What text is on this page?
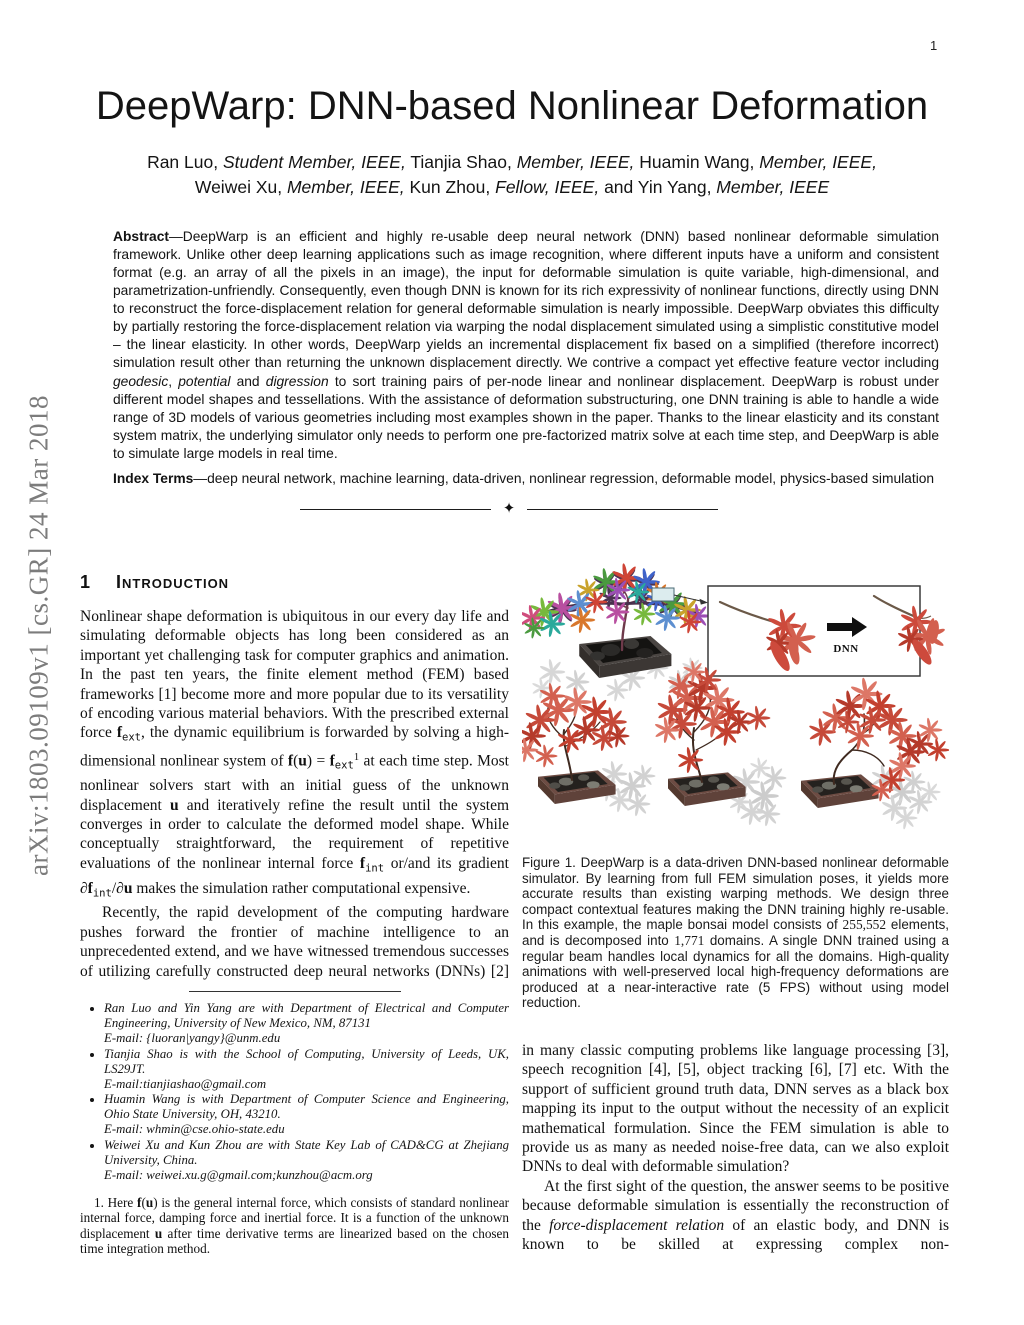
arXiv:1803.09109v1 [cs.GR] 24 Mar 2018
1
DeepWarp: DNN-based Nonlinear Deformation
Ran Luo, Student Member, IEEE, Tianjia Shao, Member, IEEE, Huamin Wang, Member, IEEE,
Weiwei Xu, Member, IEEE, Kun Zhou, Fellow, IEEE, and Yin Yang, Member, IEEE

Abstract—DeepWarp is an efficient and highly re-usable deep neural network (DNN) based nonlinear deformable simulation framework. Unlike other deep learning applications such as image recognition, where different inputs have a uniform and consistent format (e.g. an array of all the pixels in an image), the input for deformable simulation is quite variable, high-dimensional, and parametrization-unfriendly. Consequently, even though DNN is known for its rich expressivity of nonlinear functions, directly using DNN to reconstruct the force-displacement relation for general deformable simulation is nearly impossible. DeepWarp obviates this difficulty by partially restoring the force-displacement relation via warping the nodal displacement simulated using a simplistic constitutive model – the linear elasticity. In other words, DeepWarp yields an incremental displacement fix based on a simplified (therefore incorrect) simulation result other than returning the unknown displacement directly. We contrive a compact yet effective feature vector including geodesic, potential and digression to sort training pairs of per-node linear and nonlinear displacement. DeepWarp is robust under different model shapes and tessellations. With the assistance of deformation substructuring, one DNN training is able to handle a wide range of 3D models of various geometries including most examples shown in the paper. Thanks to the linear elasticity and its constant system matrix, the underlying simulator only needs to perform one pre-factorized matrix solve at each time step, and DeepWarp is able to simulate large models in real time.

Index Terms—deep neural network, machine learning, data-driven, nonlinear regression, deformable model, physics-based simulation

✦
1 Introduction

Nonlinear shape deformation is ubiquitous in our every day life and simulating deformable objects has long been considered as an important yet challenging task for computer graphics and animation. In the past ten years, the finite element method (FEM) based frameworks [1] become more and more popular due to its versatility of encoding various material behaviors. With the prescribed external force $f_{ext}$, the dynamic equilibrium is forwarded by solving a high-dimensional nonlinear system of $f(u) = f_{ext}^1$ at each time step. Most nonlinear solvers start with an initial guess of the unknown displacement u and iteratively refine the result until the system converges in order to calculate the deformed model shape. While conceptually straightforward, the requirement of repetitive evaluations of the nonlinear internal force $f_{int}$ or/and its gradient $\partial f_{int}/\partial u$ makes the simulation rather computational expensive.

Recently, the rapid development of the computing hardware pushes forward the frontier of machine intelligence to an unprecedented extend, and we have witnessed tremendous successes of utilizing carefully constructed deep neural networks (DNNs) [2]

• Ran Luo and Yin Yang are with Department of Electrical and Computer Engineering, University of New Mexico, NM, 87131
E-mail: {luoran|yangy}@unm.edu
• Tianjia Shao is with the School of Computing, University of Leeds, UK, LS29JT.
E-mail:tianjiashao@gmail.com
• Huamin Wang is with Department of Computer Science and Engineering, Ohio State University, OH, 43210.
E-mail: whmin@cse.ohio-state.edu
• Weiwei Xu and Kun Zhou are with State Key Lab of CAD&CG at Zhejiang University, China.
E-mail: weiwei.xu.g@gmail.com;kunzhou@acm.org

1. Here f(u) is the general internal force, which consists of standard nonlinear internal force, damping force and inertial force. It is a function of the unknown displacement u after time derivative terms are linearized based on the chosen time integration method.

DNN
Figure 1. DeepWarp is a data-driven DNN-based nonlinear deformable simulator. By learning from full FEM simulation poses, it yields more accurate results than existing warping methods. We design three compact contextual features making the DNN training highly re-usable. In this example, the maple bonsai model consists of 255,552 elements, and is decomposed into 1,771 domains. A single DNN trained using a regular beam handles local dynamics for all the domains. High-quality animations with well-preserved local high-frequency deformations are produced at a near-interactive rate (5 FPS) without using model reduction.

in many classic computing problems like language processing [3], speech recognition [4], [5], object tracking [6], [7] etc. With the support of sufficient ground truth data, DNN serves as a black box mapping its input to the output without the necessity of an explicit mathematical formulation. Since the FEM simulation is able to provide us as many as needed noise-free data, can we also exploit DNNs to deal with deformable simulation?

At the first sight of the question, the answer seems to be positive because deformable simulation is essentially the reconstruction of the force-displacement relation of an elastic body, and DNN is known to be skilled at expressing complex non-
